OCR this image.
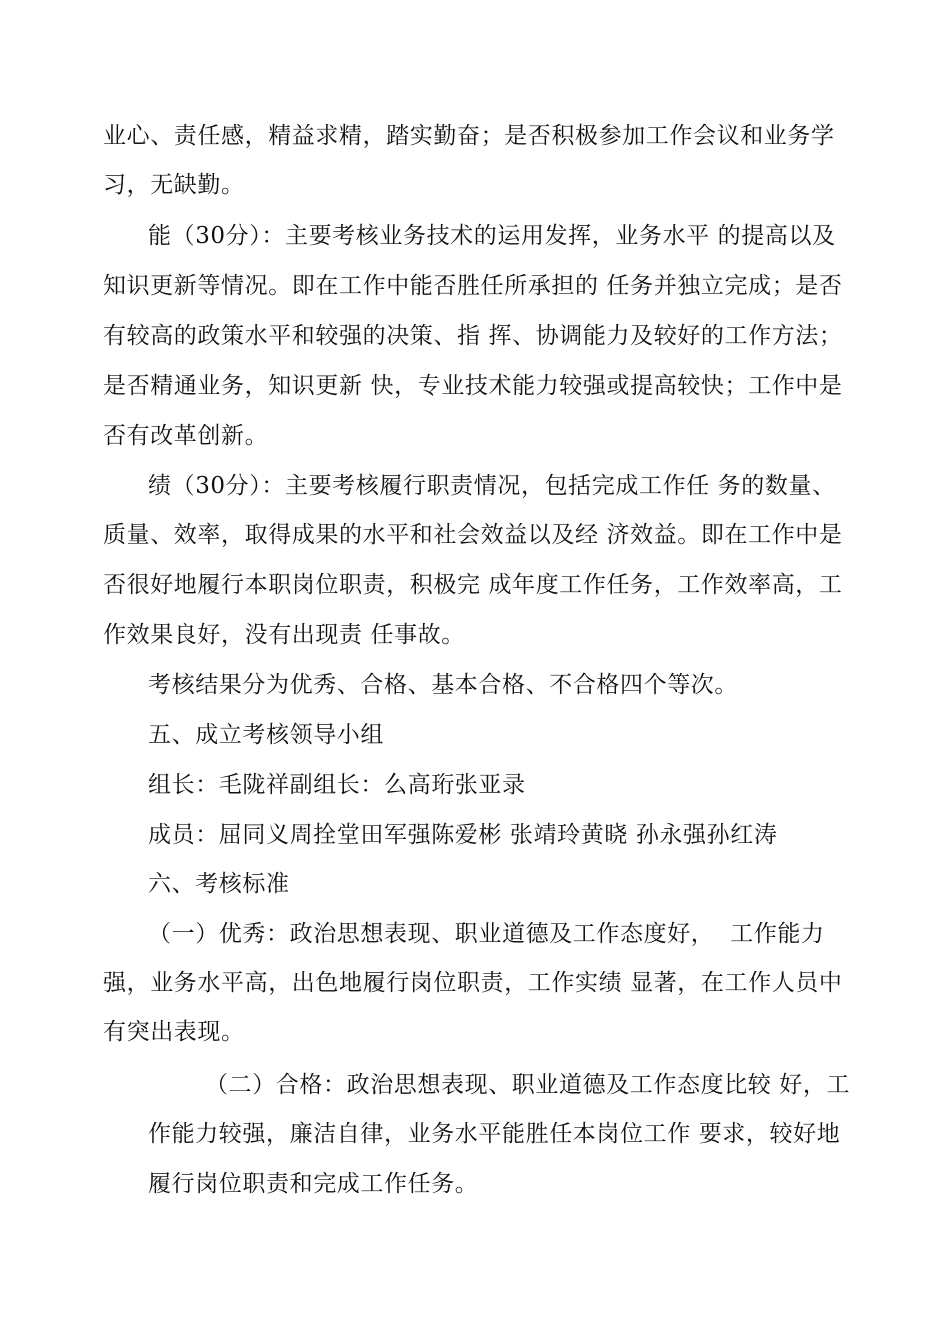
业心、责任感，精益求精，踏实勤奋；是否积极参加工作会议和业务学
习，无缺勤。
能（30分）：主要考核业务技术的运用发挥，业务水平 的提高以及
知识更新等情况。即在工作中能否胜任所承担的 任务并独立完成；是否
有较高的政策水平和较强的决策、指 挥、协调能力及较好的工作方法；
是否精通业务，知识更新 快，专业技术能力较强或提高较快；工作中是
否有改革创新。
绩（30分）：主要考核履行职责情况，包括完成工作任 务的数量、
质量、效率，取得成果的水平和社会效益以及经 济效益。即在工作中是
否很好地履行本职岗位职责，积极完 成年度工作任务，工作效率高，工
作效果良好，没有出现责 任事故。
考核结果分为优秀、合格、基本合格、不合格四个等次。
五、成立考核领导小组
组长：毛陇祥副组长：么高珩张亚录
成员：屈同义周拴堂田军强陈爱彬 张靖玲黄晓 孙永强孙红涛
六、考核标准
（一）优秀：政治思想表现、职业道德及工作态度好，  工作能力
强，业务水平高，出色地履行岗位职责，工作实绩 显著，在工作人员中
有突出表现。
（二）合格：政治思想表现、职业道德及工作态度比较 好，工
作能力较强，廉洁自律，业务水平能胜任本岗位工作 要求，较好地
履行岗位职责和完成工作任务。
